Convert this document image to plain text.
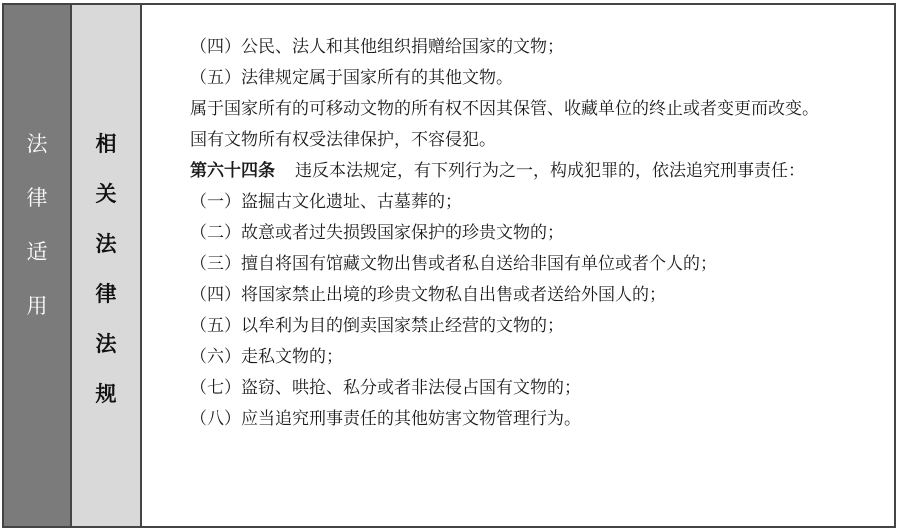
法
律
适
用
相
关
法
律
法
规

（四）公民、法人和其他组织捐赠给国家的文物；

（五）法律规定属于国家所有的其他文物。

属于国家所有的可移动文物的所有权不因其保管、收藏单位的终止或者变更而改变。

国有文物所有权受法律保护，不容侵犯。

第六十四条 违反本法规定，有下列行为之一，构成犯罪的，依法追究刑事责任：

（一）盗掘古文化遗址、古墓葬的；

（二）故意或者过失损毁国家保护的珍贵文物的；

（三）擅自将国有馆藏文物出售或者私自送给非国有单位或者个人的；

（四）将国家禁止出境的珍贵文物私自出售或者送给外国人的；

（五）以牟利为目的倒卖国家禁止经营的文物的；

（六）走私文物的；

（七）盗窃、哄抢、私分或者非法侵占国有文物的；

（八）应当追究刑事责任的其他妨害文物管理行为。
